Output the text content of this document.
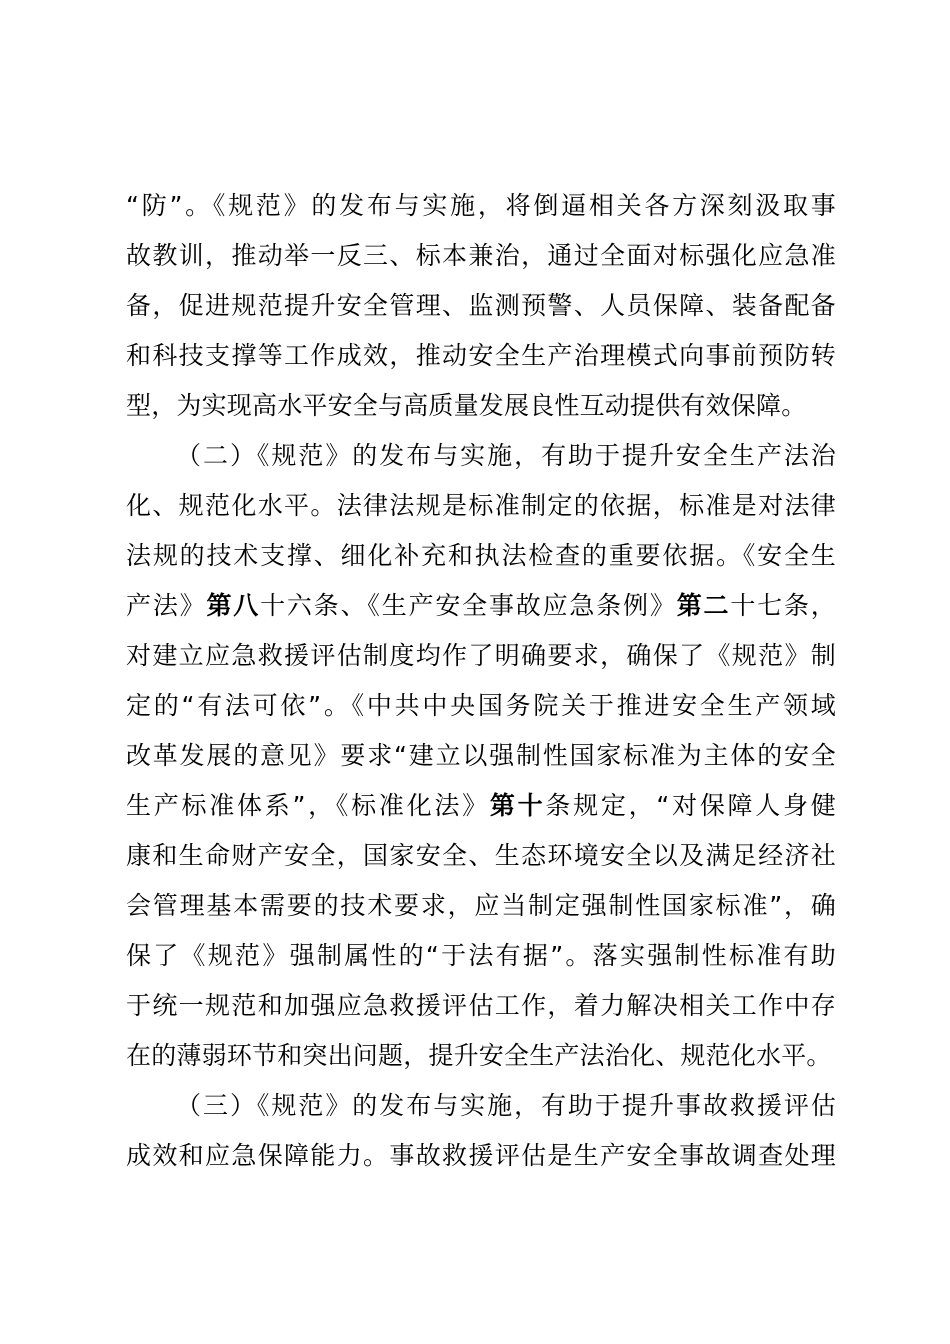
“防”。《规范》的发布与实施，将倒逼相关各方深刻汲取事
故教训，推动举一反三、标本兼治，通过全面对标强化应急准
备，促进规范提升安全管理、监测预警、人员保障、装备配备
和科技支撑等工作成效，推动安全生产治理模式向事前预防转
型，为实现高水平安全与高质量发展良性互动提供有效保障。
（二）《规范》的发布与实施，有助于提升安全生产法治
化、规范化水平。法律法规是标准制定的依据，标准是对法律
法规的技术支撑、细化补充和执法检查的重要依据。《安全生
产法》第八十六条、《生产安全事故应急条例》第二十七条，
对建立应急救援评估制度均作了明确要求，确保了《规范》制
定的“有法可依”。《中共中央国务院关于推进安全生产领域
改革发展的意见》要求“建立以强制性国家标准为主体的安全
生产标准体系”，《标准化法》第十条规定，“对保障人身健
康和生命财产安全，国家安全、生态环境安全以及满足经济社
会管理基本需要的技术要求，应当制定强制性国家标准”，确
保了《规范》强制属性的“于法有据”。落实强制性标准有助
于统一规范和加强应急救援评估工作，着力解决相关工作中存
在的薄弱环节和突出问题，提升安全生产法治化、规范化水平。
（三）《规范》的发布与实施，有助于提升事故救援评估
成效和应急保障能力。事故救援评估是生产安全事故调查处理
